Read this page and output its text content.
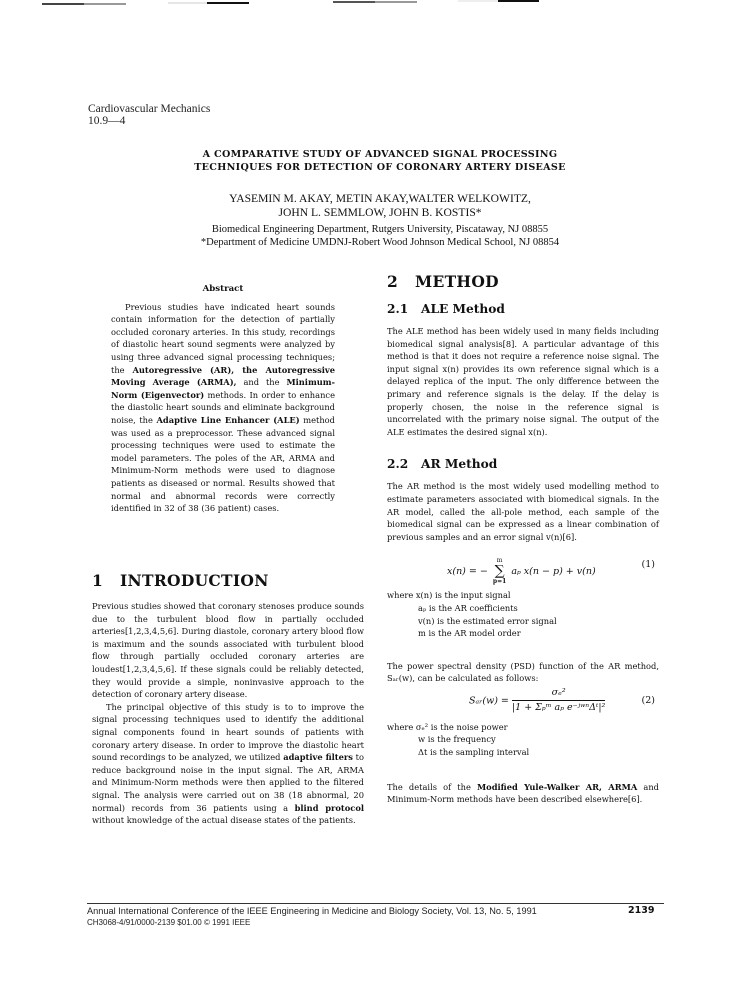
Cardiovascular Mechanics
10.9—4
A COMPARATIVE STUDY OF ADVANCED SIGNAL PROCESSING
TECHNIQUES FOR DETECTION OF CORONARY ARTERY DISEASE
YASEMIN M. AKAY, METIN AKAY,WALTER WELKOWITZ,
JOHN L. SEMMLOW, JOHN B. KOSTIS*
Biomedical Engineering Department, Rutgers University, Piscataway, NJ 08855
*Department of Medicine UMDNJ-Robert Wood Johnson Medical School, NJ 08854
Abstract

Previous studies have indicated heart sounds contain information for the detection of partially occluded coronary arteries. In this study, recordings of diastolic heart sound segments were analyzed by using three advanced signal processing techniques; the Autoregressive (AR), the Autoregressive Moving Average (ARMA), and the Minimum-Norm (Eigenvector) methods. In order to enhance the diastolic heart sounds and eliminate background noise, the Adaptive Line Enhancer (ALE) method was used as a preprocessor. These advanced signal processing techniques were used to estimate the model parameters. The poles of the AR, ARMA and Minimum-Norm methods were used to diagnose patients as diseased or normal. Results showed that normal and abnormal records were correctly identified in 32 of 38 (36 patient) cases.

1 INTRODUCTION

Previous studies showed that coronary stenoses produce sounds due to the turbulent blood flow in partially occluded arteries[1,2,3,4,5,6]. During diastole, coronary artery blood flow is maximum and the sounds associated with turbulent blood flow through partially occluded coronary arteries are loudest[1,2,3,4,5,6]. If these signals could be reliably detected, they would provide a simple, noninvasive approach to the detection of coronary artery disease.

The principal objective of this study is to to improve the signal processing techniques used to identify the additional signal components found in heart sounds of patients with coronary artery disease. In order to improve the diastolic heart sound recordings to be analyzed, we utilized adaptive filters to reduce background noise in the input signal. The AR, ARMA and Minimum-Norm methods were then applied to the filtered signal. The analysis were carried out on 38 (18 abnormal, 20 normal) records from 36 patients using a blind protocol without knowledge of the actual disease states of the patients.

2 METHOD
2.1 ALE Method

The ALE method has been widely used in many fields including biomedical signal analysis[8]. A particular advantage of this method is that it does not require a reference noise signal. The input signal x(n) provides its own reference signal which is a delayed replica of the input. The only difference between the primary and reference signals is the delay. If the delay is properly chosen, the noise in the reference signal is uncorrelated with the primary noise signal. The output of the ALE estimates the desired signal x(n).

2.2 AR Method

The AR method is the most widely used modelling method to estimate parameters associated with biomedical signals. In the AR model, called the all-pole method, each sample of the biomedical signal can be expressed as a linear combination of previous samples and an error signal v(n)[6].

x(n) = −
m
∑
p=1
aₚ x(n − p) + v(n)
(1)
where x(n) is the input signal
aₚ is the AR coefficients
v(n) is the estimated error signal
m is the AR model order

The power spectral density (PSD) function of the AR method, Sₐᵣ(w), can be calculated as follows:

Sₐᵣ(w) = $\frac{\text{σₑ²}}{\text{|1 + Σₚᵐ aₚ e⁻ʲʷⁿΔᵗ|²}}$	(2)
where σₑ² is the noise power
w is the frequency
Δt is the sampling interval

The details of the Modified Yule-Walker AR, ARMA and Minimum-Norm methods have been described elsewhere[6].

Annual International Conference of the IEEE Engineering in Medicine and Biology Society, Vol. 13, No. 5, 1991	2139
CH3068-4/91/0000-2139 $01.00 © 1991 IEEE
